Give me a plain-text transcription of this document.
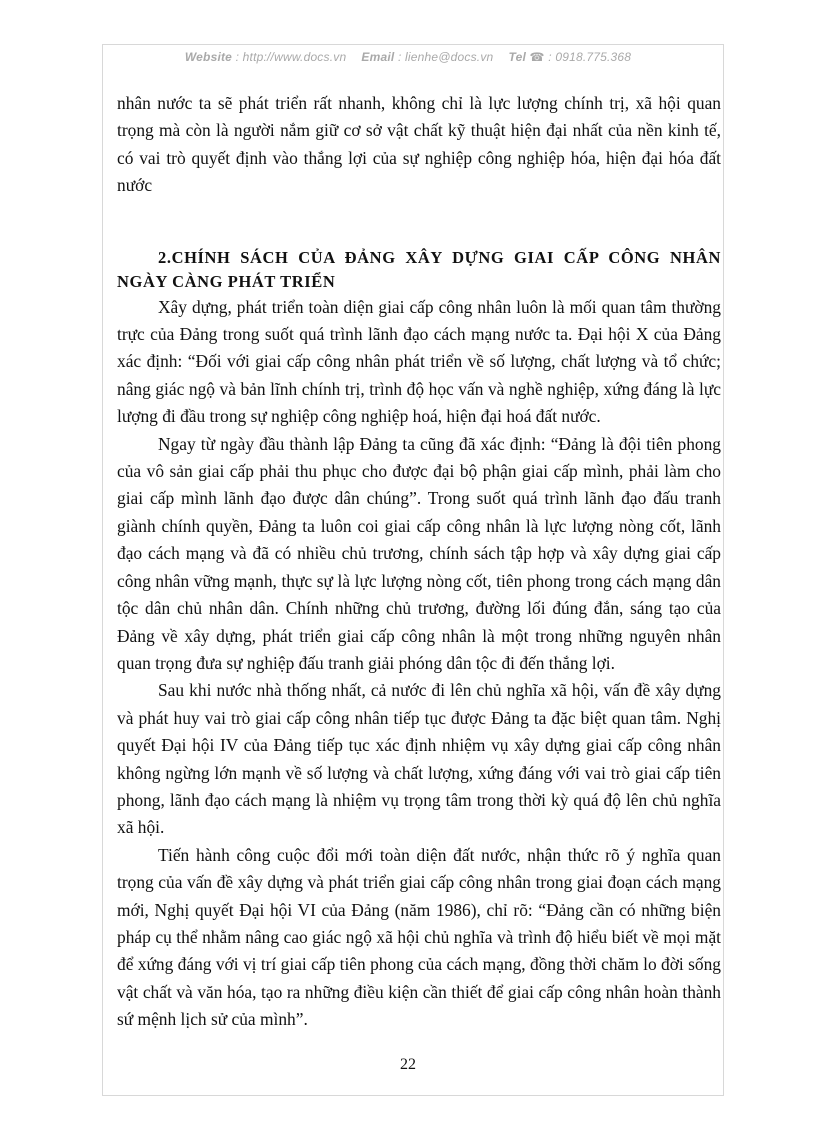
Website : http://www.docs.vn Email : lienhe@docs.vn Tel ☎ : 0918.775.368

nhân nước ta sẽ phát triển rất nhanh, không chỉ là lực lượng chính trị, xã hội quan trọng mà còn là người nắm giữ cơ sở vật chất kỹ thuật hiện đại nhất của nền kinh tế, có vai trò quyết định vào thắng lợi của sự nghiệp công nghiệp hóa, hiện đại hóa đất nước

2.CHÍNH SÁCH CỦA ĐẢNG XÂY DỰNG GIAI CẤP CÔNG NHÂN NGÀY CÀNG PHÁT TRIỂN

Xây dựng, phát triển toàn diện giai cấp công nhân luôn là mối quan tâm thường trực của Đảng trong suốt quá trình lãnh đạo cách mạng nước ta. Đại hội X của Đảng xác định: “Đối với giai cấp công nhân phát triển về số lượng, chất lượng và tổ chức; nâng giác ngộ và bản lĩnh chính trị, trình độ học vấn và nghề nghiệp, xứng đáng là lực lượng đi đầu trong sự nghiệp công nghiệp hoá, hiện đại hoá đất nước.

Ngay từ ngày đầu thành lập Đảng ta cũng đã xác định: “Đảng là đội tiên phong của vô sản giai cấp phải thu phục cho được đại bộ phận giai cấp mình, phải làm cho giai cấp mình lãnh đạo được dân chúng”. Trong suốt quá trình lãnh đạo đấu tranh giành chính quyền, Đảng ta luôn coi giai cấp công nhân là lực lượng nòng cốt, lãnh đạo cách mạng và đã có nhiều chủ trương, chính sách tập hợp và xây dựng giai cấp công nhân vững mạnh, thực sự là lực lượng nòng cốt, tiên phong trong cách mạng dân tộc dân chủ nhân dân. Chính những chủ trương, đường lối đúng đắn, sáng tạo của Đảng về xây dựng, phát triển giai cấp công nhân là một trong những nguyên nhân quan trọng đưa sự nghiệp đấu tranh giải phóng dân tộc đi đến thắng lợi.

Sau khi nước nhà thống nhất, cả nước đi lên chủ nghĩa xã hội, vấn đề xây dựng và phát huy vai trò giai cấp công nhân tiếp tục được Đảng ta đặc biệt quan tâm. Nghị quyết Đại hội IV của Đảng tiếp tục xác định nhiệm vụ xây dựng giai cấp công nhân không ngừng lớn mạnh về số lượng và chất lượng, xứng đáng với vai trò giai cấp tiên phong, lãnh đạo cách mạng là nhiệm vụ trọng tâm trong thời kỳ quá độ lên chủ nghĩa xã hội.

Tiến hành công cuộc đổi mới toàn diện đất nước, nhận thức rõ ý nghĩa quan trọng của vấn đề xây dựng và phát triển giai cấp công nhân trong giai đoạn cách mạng mới, Nghị quyết Đại hội VI của Đảng (năm 1986), chỉ rõ: “Đảng cần có những biện pháp cụ thể nhằm nâng cao giác ngộ xã hội chủ nghĩa và trình độ hiểu biết về mọi mặt để xứng đáng với vị trí giai cấp tiên phong của cách mạng, đồng thời chăm lo đời sống vật chất và văn hóa, tạo ra những điều kiện cần thiết để giai cấp công nhân hoàn thành sứ mệnh lịch sử của mình”.

22
